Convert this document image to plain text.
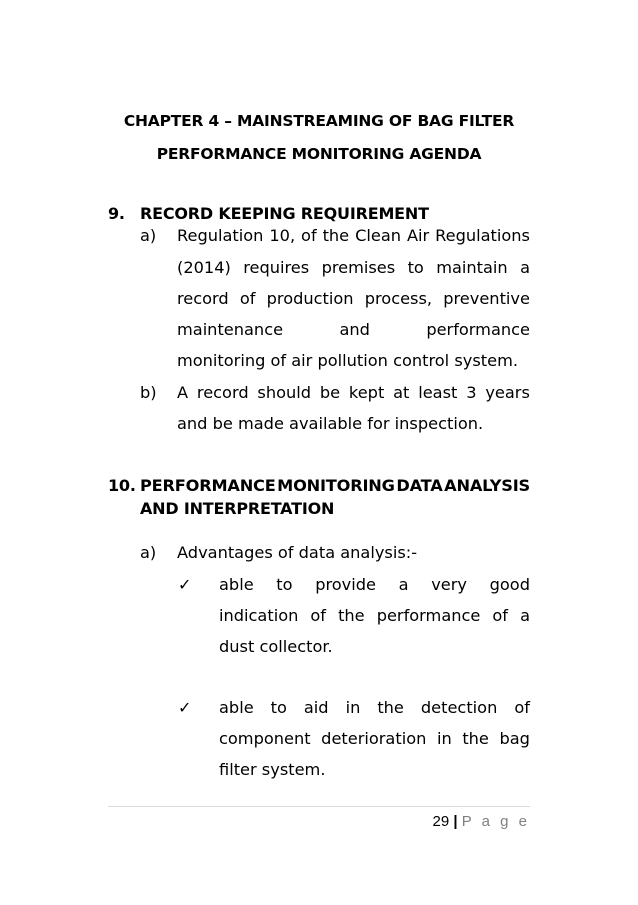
CHAPTER 4 – MAINSTREAMING OF BAG FILTER
PERFORMANCE MONITORING AGENDA
9. RECORD KEEPING REQUIREMENT
a) Regulation 10, of the Clean Air Regulations
(2014) requires premises to maintain a
record of production process, preventive
maintenance	and	performance
monitoring of air pollution control system.
b) A record should be kept at least 3 years
and be made available for inspection.
10. PERFORMANCE MONITORING DATA ANALYSIS
AND INTERPRETATION
a) Advantages of data analysis:-
✓ able to provide a very good
indication of the performance of a
dust collector.
✓ able to aid in the detection of
component deterioration in the bag
filter system.
29 | P a g e
